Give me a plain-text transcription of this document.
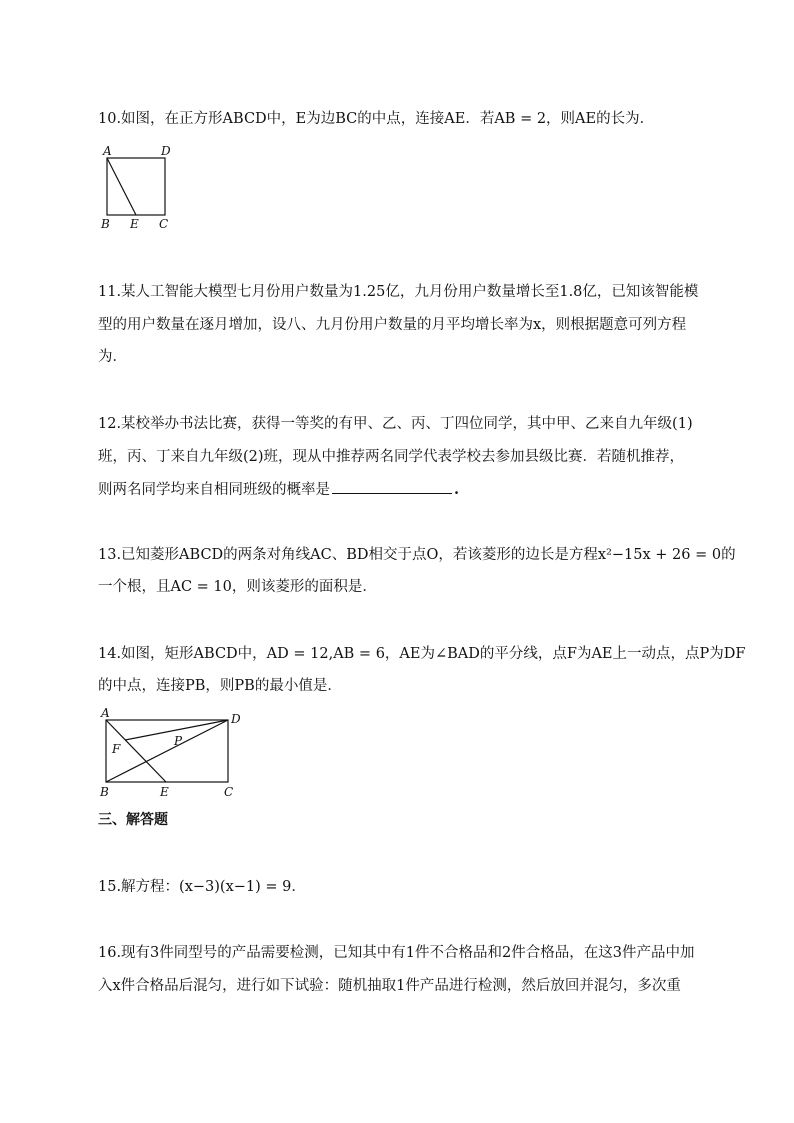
10.如图，在正方形ABCD中，E为边BC的中点，连接AE．若AB = 2，则AE的长为．
A	D
B E C
11.某人工智能大模型七月份用户数量为1.25亿，九月份用户数量增长至1.8亿，已知该智能模
型的用户数量在逐月增加，设八、九月份用户数量的月平均增长率为x，则根据题意可列方程
为．
12.某校举办书法比赛，获得一等奖的有甲、乙、丙、丁四位同学，其中甲、乙来自九年级(1)
班，丙、丁来自九年级(2)班，现从中推荐两名同学代表学校去参加县级比赛．若随机推荐，
则两名同学均来自相同班级的概率是	.
13.已知菱形ABCD的两条对角线AC、BD相交于点O，若该菱形的边长是方程x²−15x + 26 = 0的
一个根，且AC = 10，则该菱形的面积是．
14.如图，矩形ABCD中，AD = 12,AB = 6，AE为∠BAD的平分线，点F为AE上一动点，点P为DF
的中点，连接PB，则PB的最小值是．
A	D
F
P
B	E	C
三、解答题
15.解方程：(x−3)(x−1) = 9．
16.现有3件同型号的产品需要检测，已知其中有1件不合格品和2件合格品，在这3件产品中加
入x件合格品后混匀，进行如下试验：随机抽取1件产品进行检测，然后放回并混匀，多次重
